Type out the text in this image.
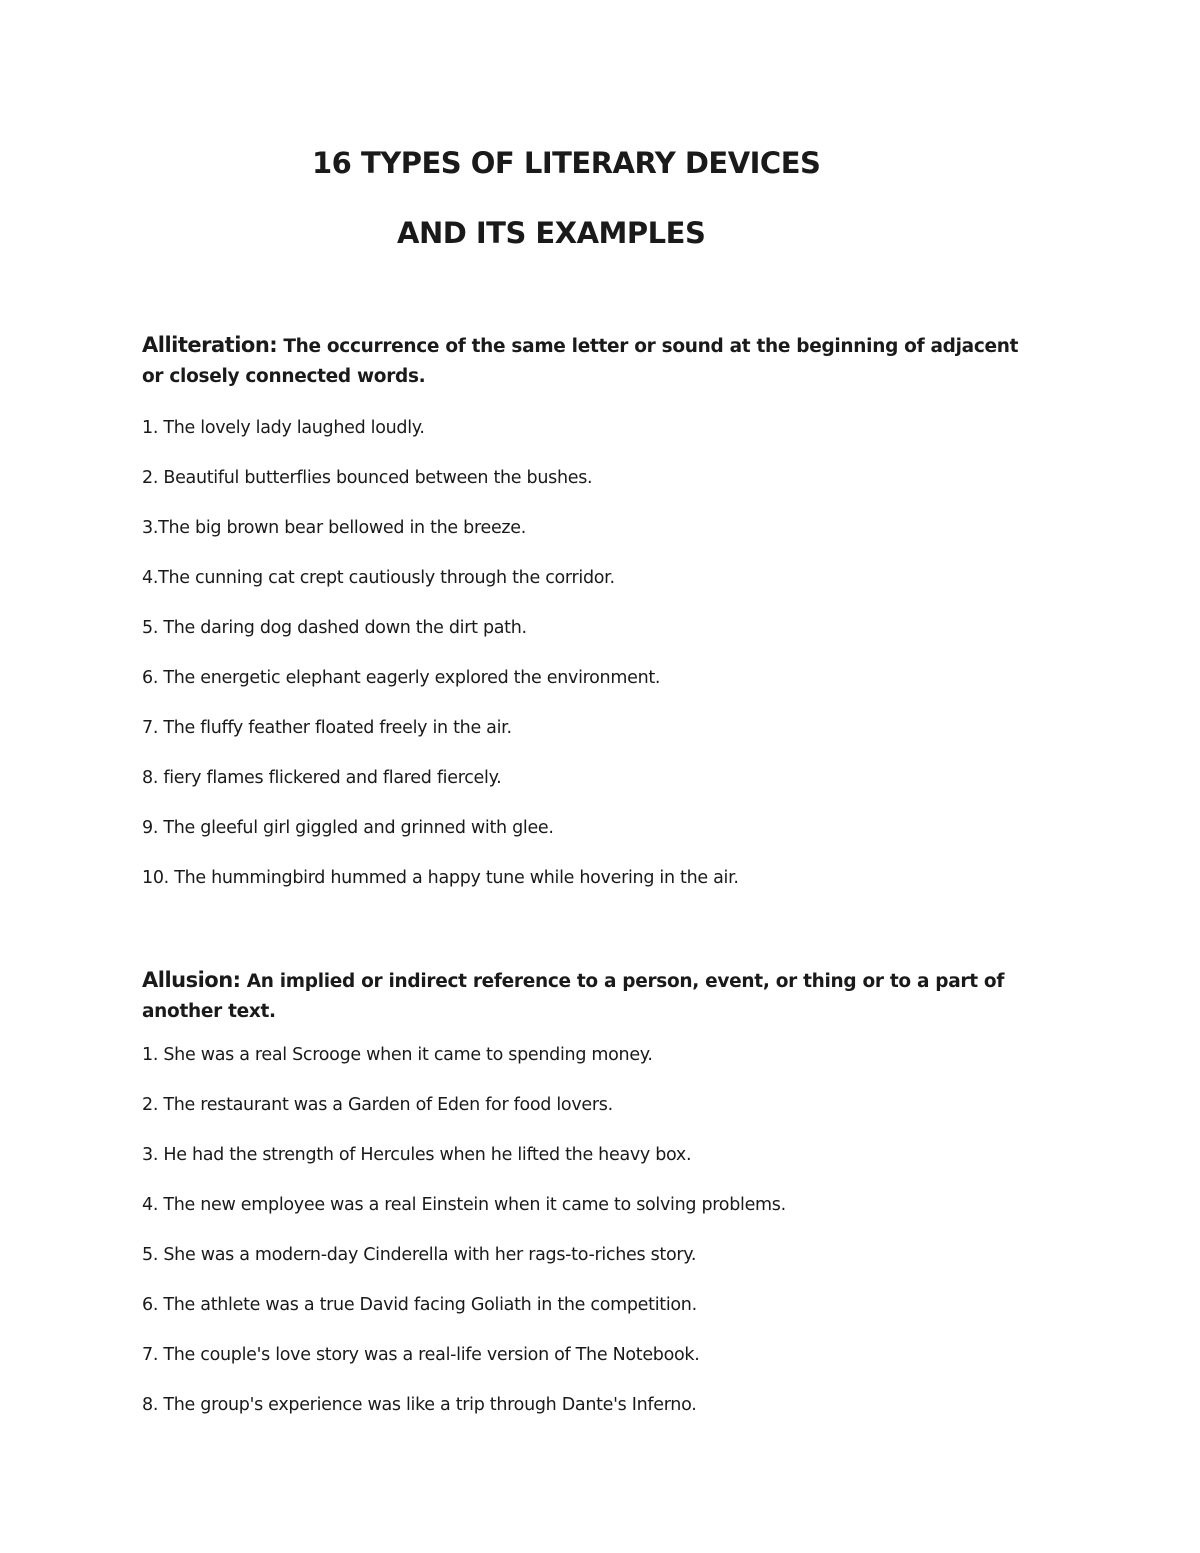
16 TYPES OF LITERARY DEVICES
AND ITS EXAMPLES

Alliteration: The occurrence of the same letter or sound at the beginning of adjacent or closely connected words.

1. The lovely lady laughed loudly.
2. Beautiful butterflies bounced between the bushes.
3.The big brown bear bellowed in the breeze.
4.The cunning cat crept cautiously through the corridor.
5. The daring dog dashed down the dirt path.
6. The energetic elephant eagerly explored the environment.
7. The fluffy feather floated freely in the air.
8. fiery flames flickered and flared fiercely.
9. The gleeful girl giggled and grinned with glee.
10. The hummingbird hummed a happy tune while hovering in the air.

Allusion: An implied or indirect reference to a person, event, or thing or to a part of another text.

1. She was a real Scrooge when it came to spending money.
2. The restaurant was a Garden of Eden for food lovers.
3. He had the strength of Hercules when he lifted the heavy box.
4. The new employee was a real Einstein when it came to solving problems.
5. She was a modern-day Cinderella with her rags-to-riches story.
6. The athlete was a true David facing Goliath in the competition.
7. The couple's love story was a real-life version of The Notebook.
8. The group's experience was like a trip through Dante's Inferno.
